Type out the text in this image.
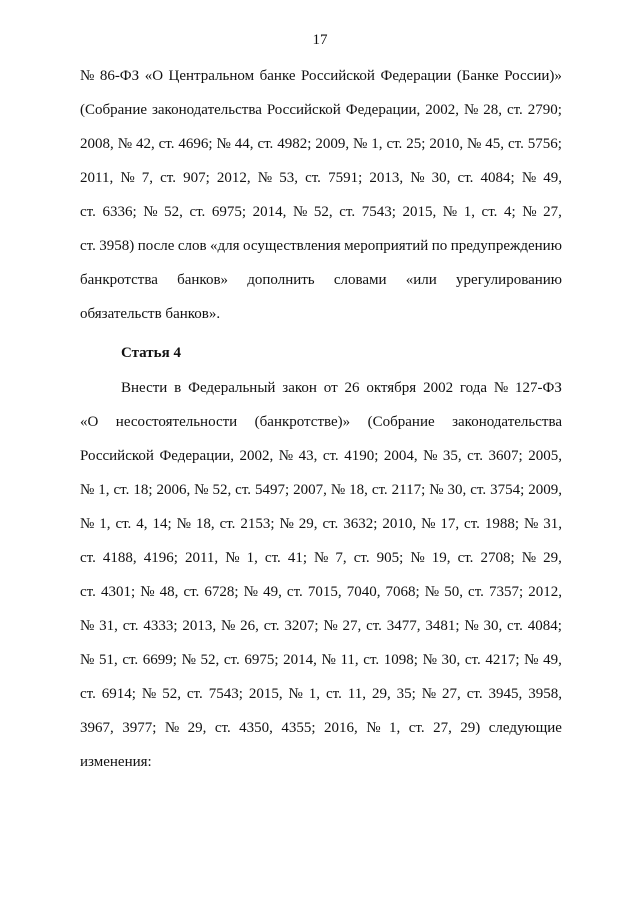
17
№ 86-ФЗ «О Центральном банке Российской Федерации (Банке России)»
(Собрание законодательства Российской Федерации, 2002, № 28, ст. 2790;
2008, № 42, ст. 4696; № 44, ст. 4982; 2009, № 1, ст. 25; 2010, № 45, ст. 5756;
2011, № 7, ст. 907; 2012, № 53, ст. 7591; 2013, № 30, ст. 4084; № 49,
ст. 6336; № 52, ст. 6975; 2014, № 52, ст. 7543; 2015, № 1, ст. 4; № 27,
ст. 3958) после слов «для осуществления мероприятий по предупреждению
банкротства банков» дополнить словами «или урегулированию
обязательств банков».
Статья 4
Внести в Федеральный закон от 26 октября 2002 года № 127-ФЗ
«О несостоятельности (банкротстве)» (Собрание законодательства
Российской Федерации, 2002, № 43, ст. 4190; 2004, № 35, ст. 3607; 2005,
№ 1, ст. 18; 2006, № 52, ст. 5497; 2007, № 18, ст. 2117; № 30, ст. 3754; 2009,
№ 1, ст. 4, 14; № 18, ст. 2153; № 29, ст. 3632; 2010, № 17, ст. 1988; № 31,
ст. 4188, 4196; 2011, № 1, ст. 41; № 7, ст. 905; № 19, ст. 2708; № 29,
ст. 4301; № 48, ст. 6728; № 49, ст. 7015, 7040, 7068; № 50, ст. 7357; 2012,
№ 31, ст. 4333; 2013, № 26, ст. 3207; № 27, ст. 3477, 3481; № 30, ст. 4084;
№ 51, ст. 6699; № 52, ст. 6975; 2014, № 11, ст. 1098; № 30, ст. 4217; № 49,
ст. 6914; № 52, ст. 7543; 2015, № 1, ст. 11, 29, 35; № 27, ст. 3945, 3958,
3967, 3977; № 29, ст. 4350, 4355; 2016, № 1, ст. 27, 29) следующие
изменения:
